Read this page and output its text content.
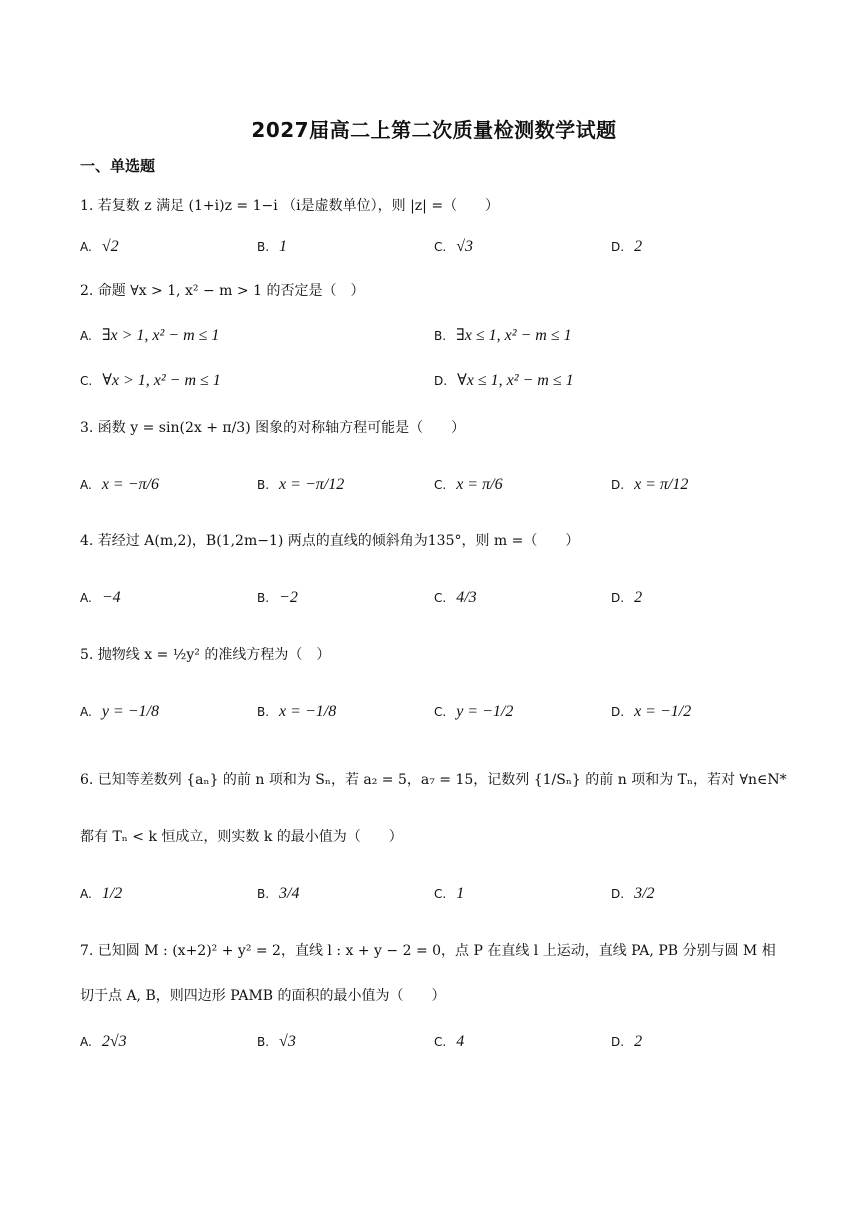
2027届高二上第二次质量检测数学试题
一、单选题
1. 若复数 z 满足 (1+i)z = 1−i （i是虚数单位），则 |z| =（　　）
A. √2	B. 1	C. √3	D. 2
2. 命题 ∀x > 1, x² − m > 1 的否定是（　）
A. ∃x > 1, x² − m ≤ 1	B. ∃x ≤ 1, x² − m ≤ 1
C. ∀x > 1, x² − m ≤ 1	D. ∀x ≤ 1, x² − m ≤ 1
3. 函数 y = sin(2x + π/3) 图象的对称轴方程可能是（　　）
A. x = −π/6	B. x = −π/12	C. x = π/6	D. x = π/12
4. 若经过 A(m,2)，B(1,2m−1) 两点的直线的倾斜角为135°，则 m =（　　）
A. −4	B. −2	C. 4/3	D. 2
5. 抛物线 x = ½y² 的准线方程为（　）
A. y = −1/8	B. x = −1/8	C. y = −1/2	D. x = −1/2
6. 已知等差数列 {aₙ} 的前 n 项和为 Sₙ，若 a₂ = 5，a₇ = 15，记数列 {1/Sₙ} 的前 n 项和为 Tₙ，若对 ∀n∈N*
都有 Tₙ < k 恒成立，则实数 k 的最小值为（　　）
A. 1/2	B. 3/4	C. 1	D. 3/2
7. 已知圆 M : (x+2)² + y² = 2，直线 l : x + y − 2 = 0，点 P 在直线 l 上运动，直线 PA, PB 分别与圆 M 相
切于点 A, B，则四边形 PAMB 的面积的最小值为（　　）
A. 2√3	B. √3	C. 4	D. 2
